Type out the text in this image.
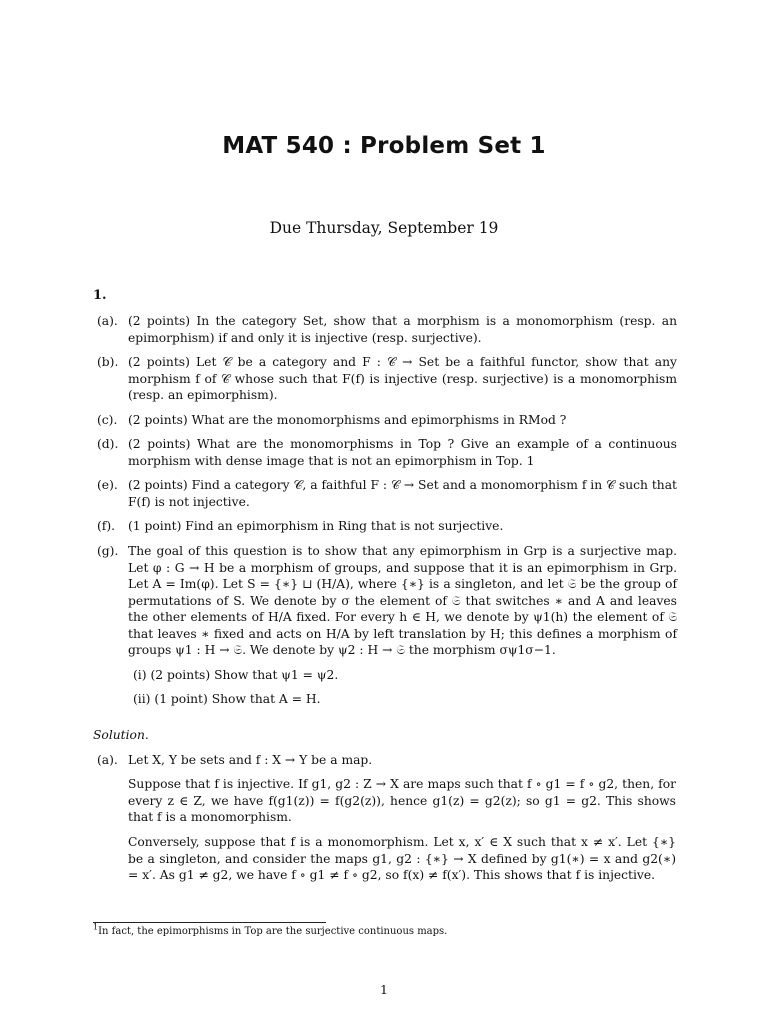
MAT 540 : Problem Set 1
Due Thursday, September 19
1.
(a). (2 points) In the category Set, show that a morphism is a monomorphism (resp. an epimorphism) if and only it is injective (resp. surjective).
(b). (2 points) Let 𝒞 be a category and F : 𝒞 → Set be a faithful functor, show that any morphism f of 𝒞 whose such that F(f) is injective (resp. surjective) is a monomorphism (resp. an epimorphism).
(c). (2 points) What are the monomorphisms and epimorphisms in RMod ?
(d). (2 points) What are the monomorphisms in Top ? Give an example of a continuous morphism with dense image that is not an epimorphism in Top. 1
(e). (2 points) Find a category 𝒞, a faithful F : 𝒞 → Set and a monomorphism f in 𝒞 such that F(f) is not injective.
(f). (1 point) Find an epimorphism in Ring that is not surjective.
(g). The goal of this question is to show that any epimorphism in Grp is a surjective map. Let φ : G → H be a morphism of groups, and suppose that it is an epimorphism in Grp. Let A = Im(φ). Let S = {∗} ⊔ (H/A), where {∗} is a singleton, and let 𝔖 be the group of permutations of S. We denote by σ the element of 𝔖 that switches ∗ and A and leaves the other elements of H/A fixed. For every h ∈ H, we denote by ψ1(h) the element of 𝔖 that leaves ∗ fixed and acts on H/A by left translation by H; this defines a morphism of groups ψ1 : H → 𝔖. We denote by ψ2 : H → 𝔖 the morphism σψ1σ−1.
(i) (2 points) Show that ψ1 = ψ2.
(ii) (1 point) Show that A = H.
Solution.
(a). Let X, Y be sets and f : X → Y be a map.
Suppose that f is injective. If g1, g2 : Z → X are maps such that f ∘ g1 = f ∘ g2, then, for every z ∈ Z, we have f(g1(z)) = f(g2(z)), hence g1(z) = g2(z); so g1 = g2. This shows that f is a monomorphism.
Conversely, suppose that f is a monomorphism. Let x, x′ ∈ X such that x ≠ x′. Let {∗} be a singleton, and consider the maps g1, g2 : {∗} → X defined by g1(∗) = x and g2(∗) = x′. As g1 ≠ g2, we have f ∘ g1 ≠ f ∘ g2, so f(x) ≠ f(x′). This shows that f is injective.
$^1$In fact, the epimorphisms in Top are the surjective continuous maps.
1
